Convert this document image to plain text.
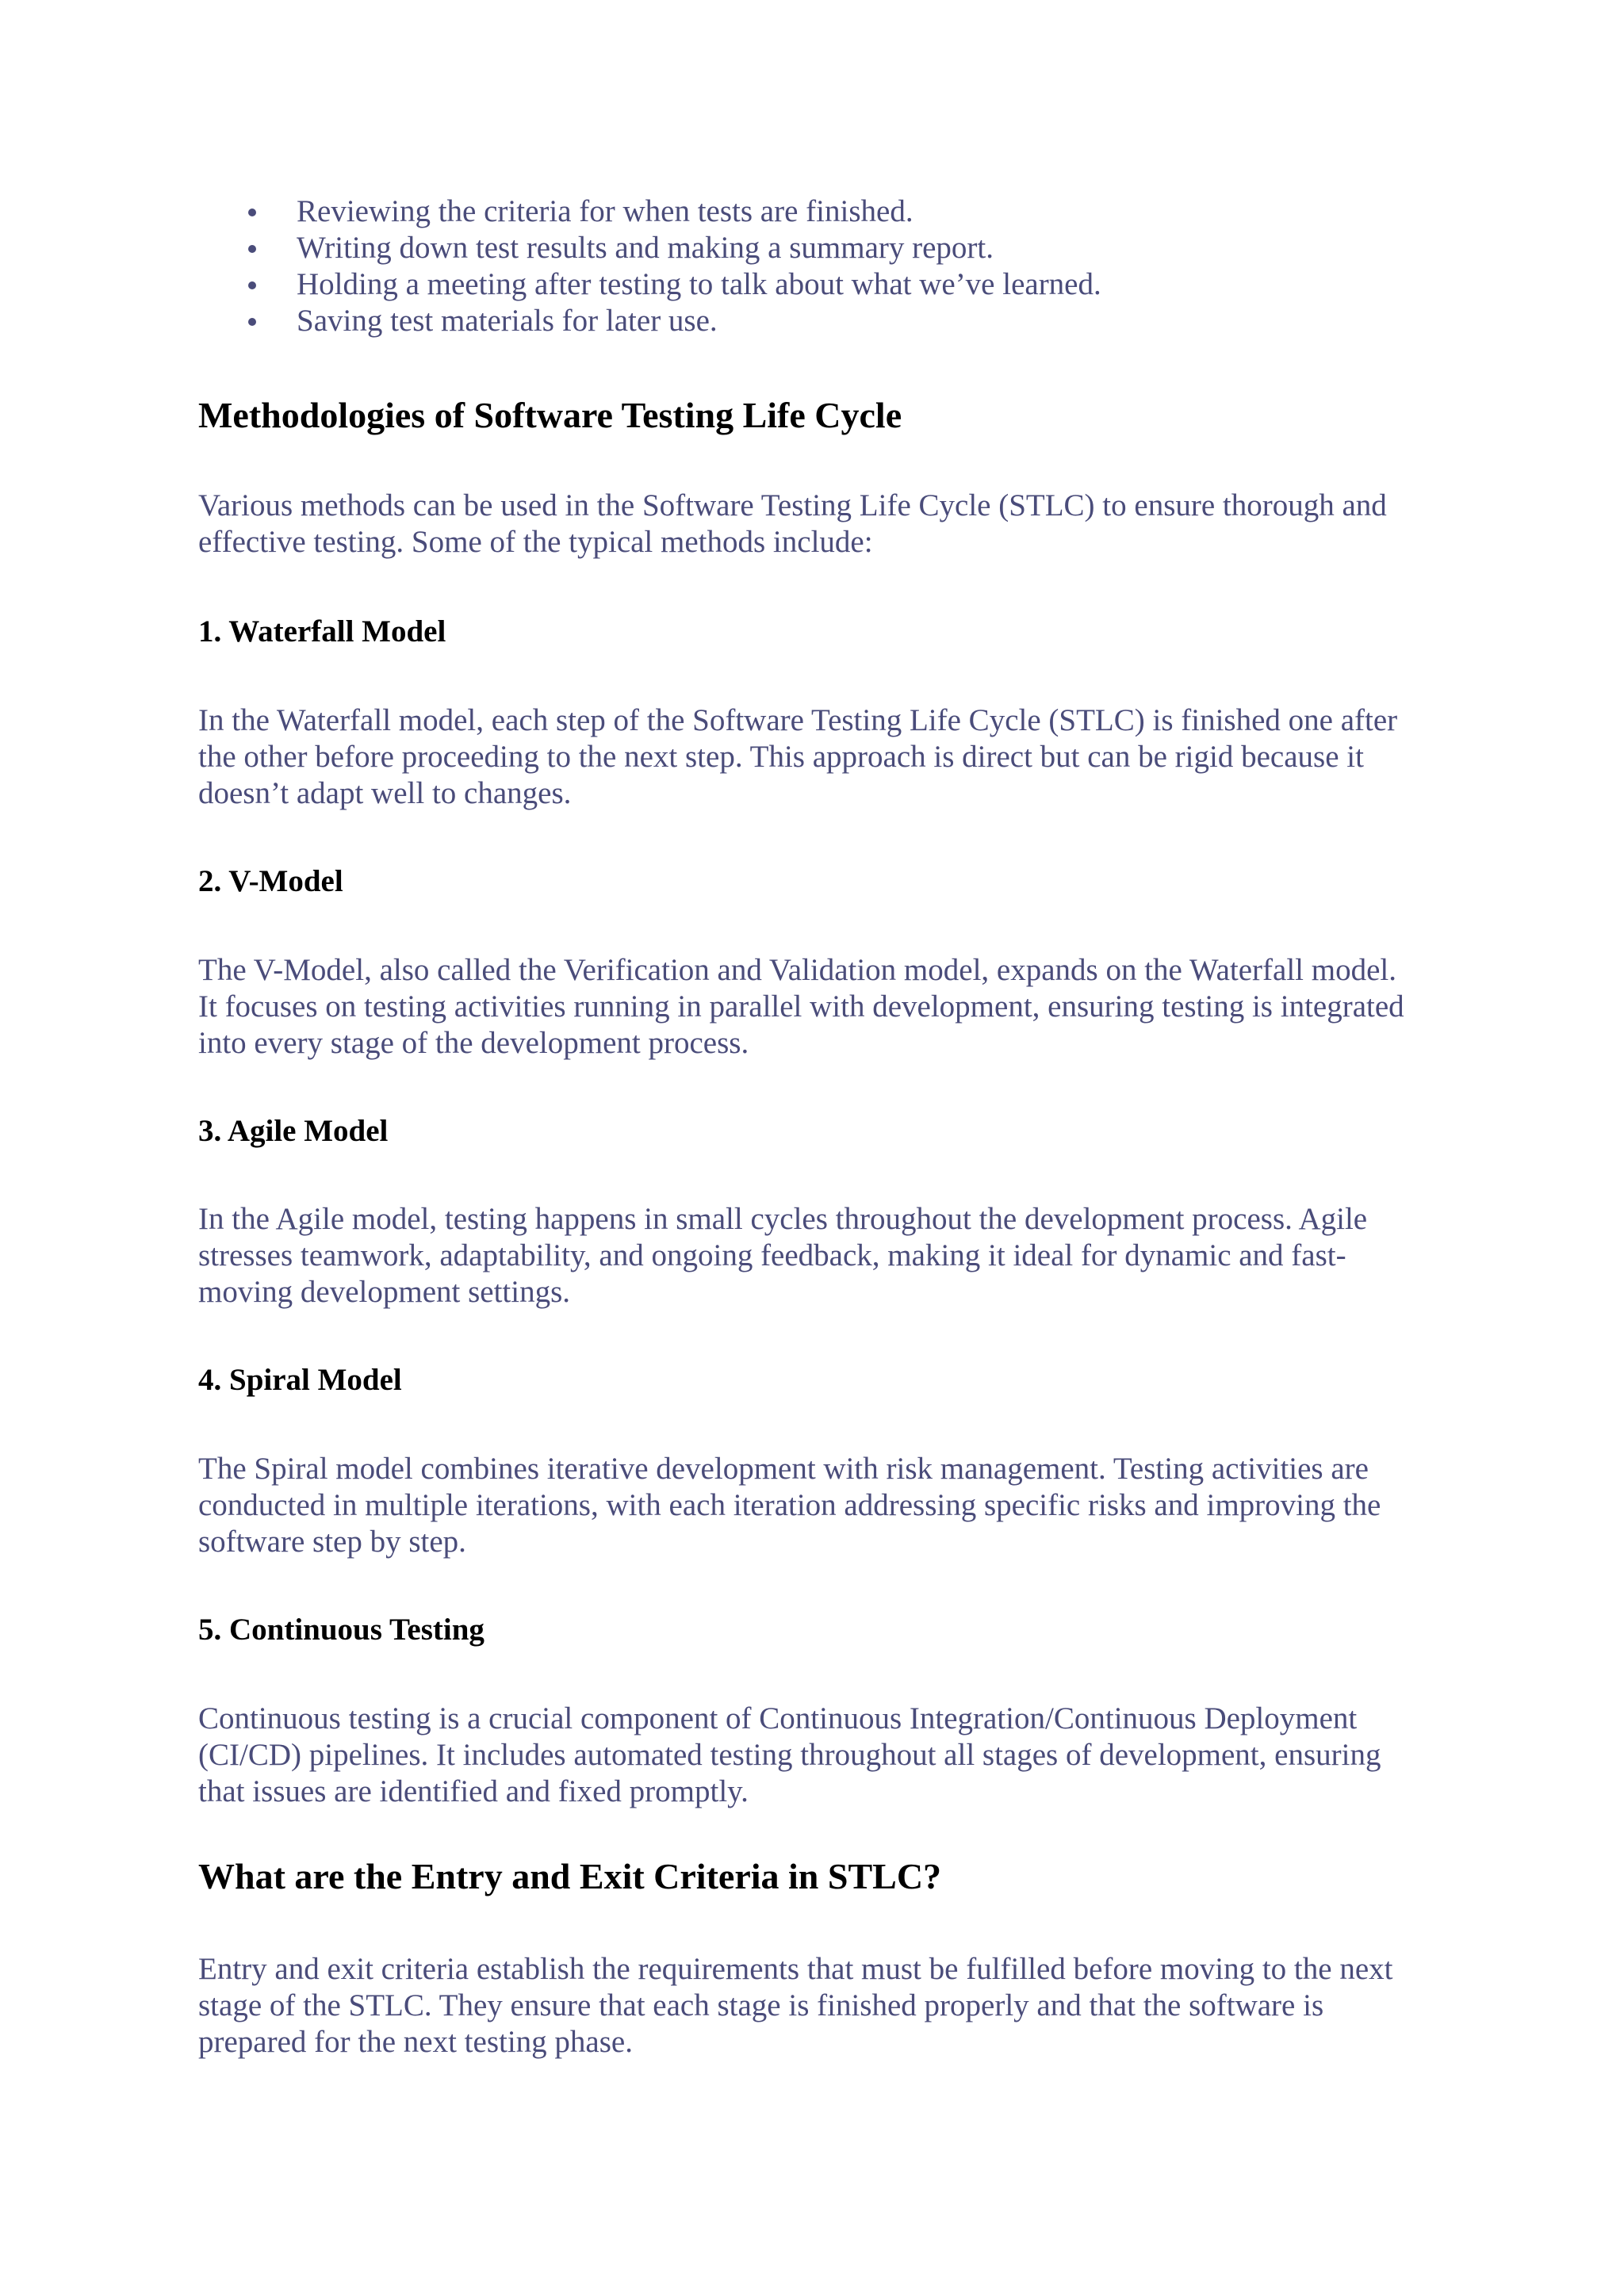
Reviewing the criteria for when tests are finished.
Writing down test results and making a summary report.
Holding a meeting after testing to talk about what we’ve learned.
Saving test materials for later use.
Methodologies of Software Testing Life Cycle

Various methods can be used in the Software Testing Life Cycle (STLC) to ensure thorough and
effective testing. Some of the typical methods include:

1. Waterfall Model

In the Waterfall model, each step of the Software Testing Life Cycle (STLC) is finished one after
the other before proceeding to the next step. This approach is direct but can be rigid because it
doesn’t adapt well to changes.

2. V-Model

The V-Model, also called the Verification and Validation model, expands on the Waterfall model.
It focuses on testing activities running in parallel with development, ensuring testing is integrated
into every stage of the development process.

3. Agile Model

In the Agile model, testing happens in small cycles throughout the development process. Agile
stresses teamwork, adaptability, and ongoing feedback, making it ideal for dynamic and fast-
moving development settings.

4. Spiral Model

The Spiral model combines iterative development with risk management. Testing activities are
conducted in multiple iterations, with each iteration addressing specific risks and improving the
software step by step.

5. Continuous Testing

Continuous testing is a crucial component of Continuous Integration/Continuous Deployment
(CI/CD) pipelines. It includes automated testing throughout all stages of development, ensuring
that issues are identified and fixed promptly.

What are the Entry and Exit Criteria in STLC?

Entry and exit criteria establish the requirements that must be fulfilled before moving to the next
stage of the STLC. They ensure that each stage is finished properly and that the software is
prepared for the next testing phase.
